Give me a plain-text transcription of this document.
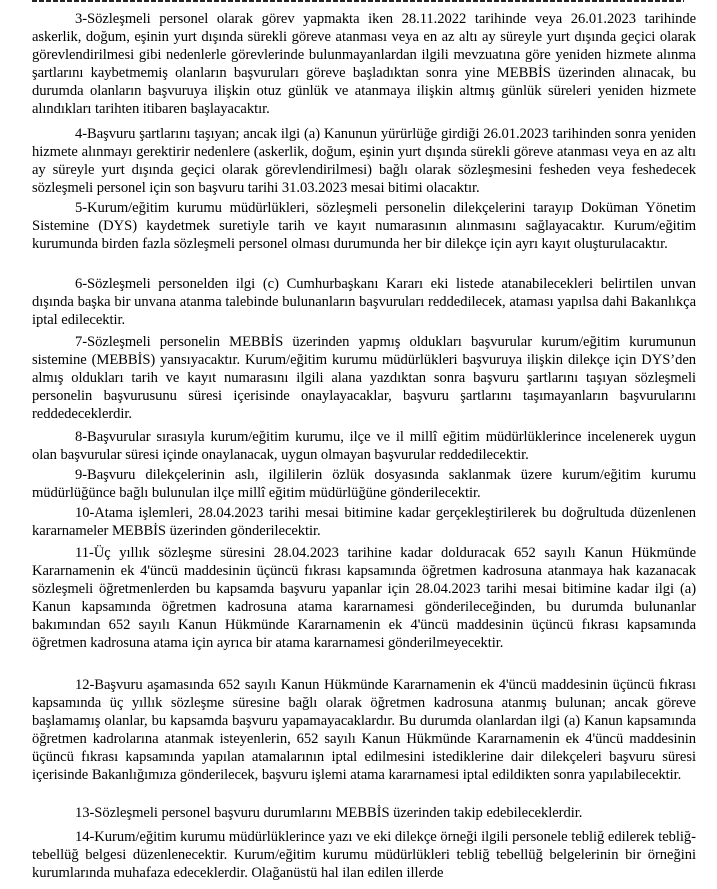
3-Sözleşmeli personel olarak görev yapmakta iken 28.11.2022 tarihinde veya 26.01.2023 tarihinde askerlik, doğum, eşinin yurt dışında sürekli göreve atanması veya en az altı ay süreyle yurt dışında geçici olarak görevlendirilmesi gibi nedenlerle görevlerinde bulunmayanlardan ilgili mevzuatına göre yeniden hizmete alınma şartlarını kaybetmemiş olanların başvuruları göreve başladıktan sonra yine MEBBİS üzerinden alınacak, bu durumda olanların başvuruya ilişkin otuz günlük ve atanmaya ilişkin altmış günlük süreleri yeniden hizmete alındıkları tarihten itibaren başlayacaktır.

4-Başvuru şartlarını taşıyan; ancak ilgi (a) Kanunun yürürlüğe girdiği 26.01.2023 tarihinden sonra yeniden hizmete alınmayı gerektirir nedenlere (askerlik, doğum, eşinin yurt dışında sürekli göreve atanması veya en az altı ay süreyle yurt dışında geçici olarak görevlendirilmesi) bağlı olarak sözleşmesini fesheden veya feshedecek sözleşmeli personel için son başvuru tarihi 31.03.2023 mesai bitimi olacaktır.

5-Kurum/eğitim kurumu müdürlükleri, sözleşmeli personelin dilekçelerini tarayıp Doküman Yönetim Sistemine (DYS) kaydetmek suretiyle tarih ve kayıt numarasının alınmasını sağlayacaktır. Kurum/eğitim kurumunda birden fazla sözleşmeli personel olması durumunda her bir dilekçe için ayrı kayıt oluşturulacaktır.

6-Sözleşmeli personelden ilgi (c) Cumhurbaşkanı Kararı eki listede atanabilecekleri belirtilen unvan dışında başka bir unvana atanma talebinde bulunanların başvuruları reddedilecek, ataması yapılsa dahi Bakanlıkça iptal edilecektir.

7-Sözleşmeli personelin MEBBİS üzerinden yapmış oldukları başvurular kurum/eğitim kurumunun sistemine (MEBBİS) yansıyacaktır. Kurum/eğitim kurumu müdürlükleri başvuruya ilişkin dilekçe için DYS’den almış oldukları tarih ve kayıt numarasını ilgili alana yazdıktan sonra başvuru şartlarını taşıyan sözleşmeli personelin başvurusunu süresi içerisinde onaylayacaklar, başvuru şartlarını taşımayanların başvurularını reddedeceklerdir.

8-Başvurular sırasıyla kurum/eğitim kurumu, ilçe ve il millî eğitim müdürlüklerince incelenerek uygun olan başvurular süresi içinde onaylanacak, uygun olmayan başvurular reddedilecektir.

9-Başvuru dilekçelerinin aslı, ilgililerin özlük dosyasında saklanmak üzere kurum/eğitim kurumu müdürlüğünce bağlı bulunulan ilçe millî eğitim müdürlüğüne gönderilecektir.

10-Atama işlemleri, 28.04.2023 tarihi mesai bitimine kadar gerçekleştirilerek bu doğrultuda düzenlenen kararnameler MEBBİS üzerinden gönderilecektir.

11-Üç yıllık sözleşme süresini 28.04.2023 tarihine kadar dolduracak 652 sayılı Kanun Hükmünde Kararnamenin ek 4'üncü maddesinin üçüncü fıkrası kapsamında öğretmen kadrosuna atanmaya hak kazanacak sözleşmeli öğretmenlerden bu kapsamda başvuru yapanlar için 28.04.2023 tarihi mesai bitimine kadar ilgi (a) Kanun kapsamında öğretmen kadrosuna atama kararnamesi gönderileceğinden, bu durumda bulunanlar bakımından 652 sayılı Kanun Hükmünde Kararnamenin ek 4'üncü maddesinin üçüncü fıkrası kapsamında öğretmen kadrosuna atama için ayrıca bir atama kararnamesi gönderilmeyecektir.

12-Başvuru aşamasında 652 sayılı Kanun Hükmünde Kararnamenin ek 4'üncü maddesinin üçüncü fıkrası kapsamında üç yıllık sözleşme süresine bağlı olarak öğretmen kadrosuna atanmış bulunan; ancak göreve başlamamış olanlar, bu kapsamda başvuru yapamayacaklardır. Bu durumda olanlardan ilgi (a) Kanun kapsamında öğretmen kadrolarına atanmak isteyenlerin, 652 sayılı Kanun Hükmünde Kararnamenin ek 4'üncü maddesinin üçüncü fıkrası kapsamında yapılan atamalarının iptal edilmesini istediklerine dair dilekçeleri başvuru süresi içerisinde Bakanlığımıza gönderilecek, başvuru işlemi atama kararnamesi iptal edildikten sonra yapılabilecektir.

13-Sözleşmeli personel başvuru durumlarını MEBBİS üzerinden takip edebileceklerdir.

14-Kurum/eğitim kurumu müdürlüklerince yazı ve eki dilekçe örneği ilgili personele tebliğ edilerek tebliğ-tebellüğ belgesi düzenlenecektir. Kurum/eğitim kurumu müdürlükleri tebliğ tebellüğ belgelerinin bir örneğini kurumlarında muhafaza edeceklerdir. Olağanüstü hal ilan edilen illerde
